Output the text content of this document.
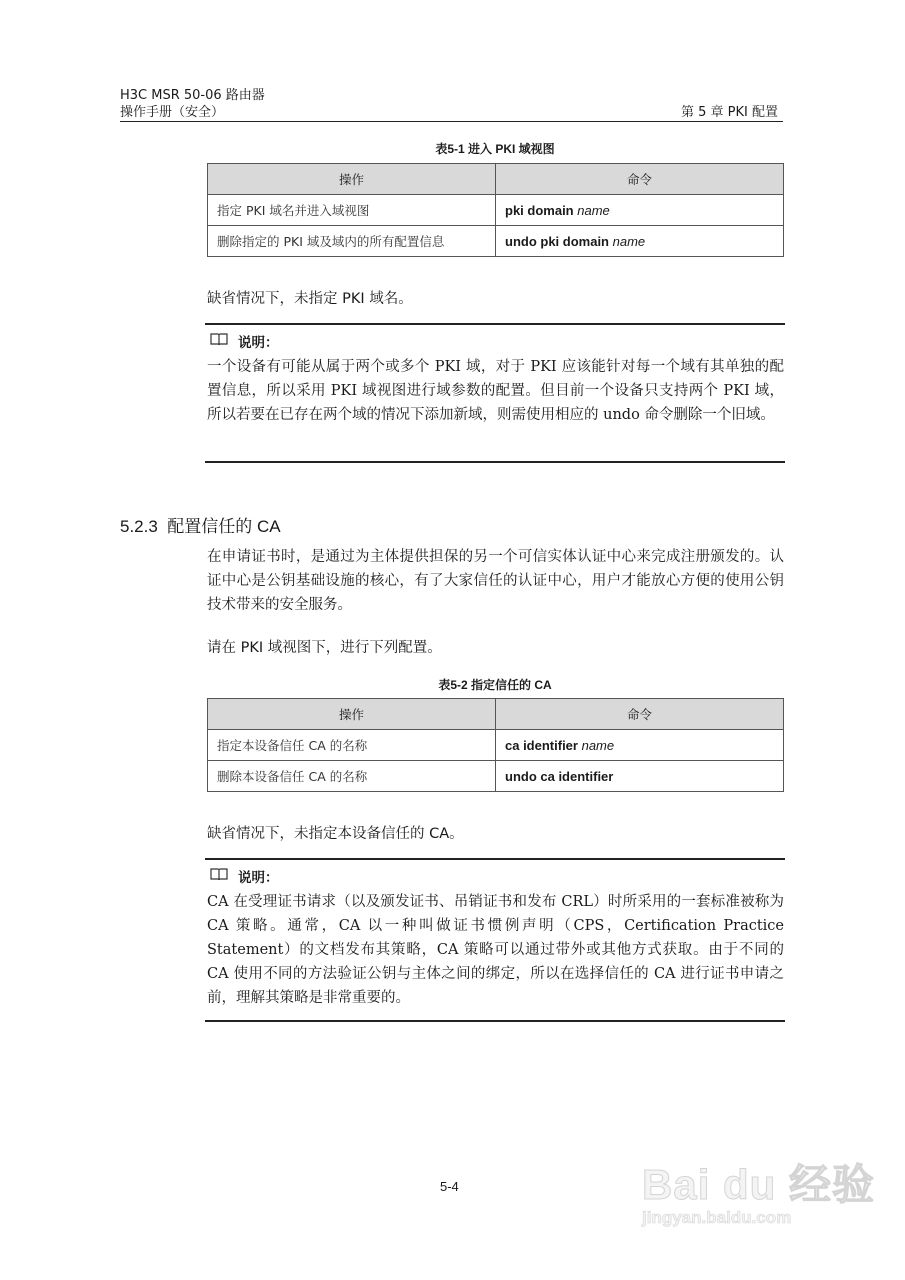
H3C MSR 50-06 路由器
操作手册（安全）	第 5 章 PKI 配置
表5-1 进入 PKI 域视图
操作	命令
指定 PKI 域名并进入域视图	pki domain name
删除指定的 PKI 域及域内的所有配置信息	undo pki domain name
缺省情况下，未指定 PKI 域名。
说明：
一个设备有可能从属于两个或多个 PKI 域，对于 PKI 应该能针对每一个域有其单独的配置信息，所以采用 PKI 域视图进行域参数的配置。但目前一个设备只支持两个 PKI 域，所以若要在已存在两个域的情况下添加新域，则需使用相应的 undo 命令删除一个旧域。
5.2.3 配置信任的 CA
在申请证书时，是通过为主体提供担保的另一个可信实体认证中心来完成注册颁发的。认证中心是公钥基础设施的核心，有了大家信任的认证中心，用户才能放心方便的使用公钥技术带来的安全服务。
请在 PKI 域视图下，进行下列配置。
表5-2 指定信任的 CA
操作	命令
指定本设备信任 CA 的名称	ca identifier name
删除本设备信任 CA 的名称	undo ca identifier
缺省情况下，未指定本设备信任的 CA。
说明：
CA 在受理证书请求（以及颁发证书、吊销证书和发布 CRL）时所采用的一套标准被称为 CA 策略。通常，CA 以一种叫做证书惯例声明（CPS，Certification Practice Statement）的文档发布其策略，CA 策略可以通过带外或其他方式获取。由于不同的 CA 使用不同的方法验证公钥与主体之间的绑定，所以在选择信任的 CA 进行证书申请之前，理解其策略是非常重要的。
5-4	Bai du 经验
jingyan.baidu.com
